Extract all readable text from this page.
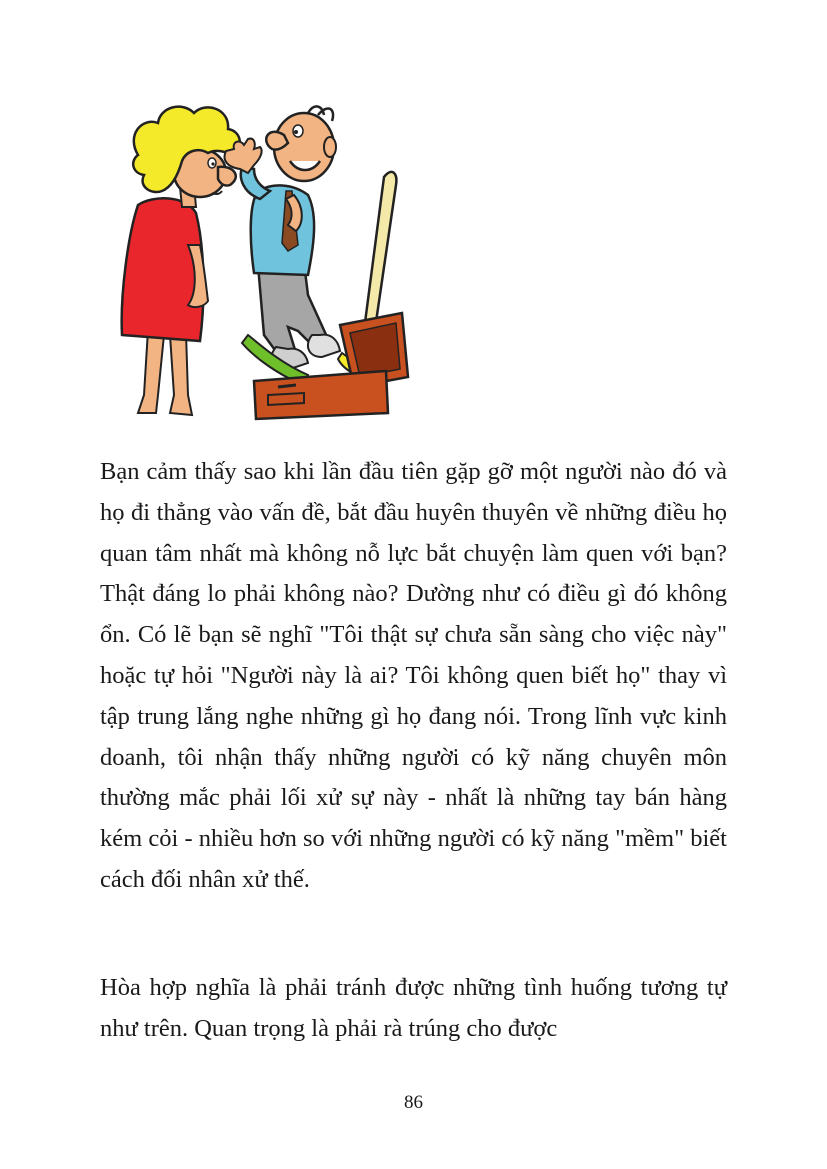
Bạn cảm thấy sao khi lần đầu tiên gặp gỡ một người nào đó và họ đi thẳng vào vấn đề, bắt đầu huyên thuyên về những điều họ quan tâm nhất mà không nỗ lực bắt chuyện làm quen với bạn? Thật đáng lo phải không nào? Dường như có điều gì đó không ổn. Có lẽ bạn sẽ nghĩ "Tôi thật sự chưa sẵn sàng cho việc này" hoặc tự hỏi "Người này là ai? Tôi không quen biết họ" thay vì tập trung lắng nghe những gì họ đang nói. Trong lĩnh vực kinh doanh, tôi nhận thấy những người có kỹ năng chuyên môn thường mắc phải lối xử sự này - nhất là những tay bán hàng kém cỏi - nhiều hơn so với những người có kỹ năng "mềm" biết cách đối nhân xử thế.

Hòa hợp nghĩa là phải tránh được những tình huống tương tự như trên. Quan trọng là phải rà trúng cho được

86
